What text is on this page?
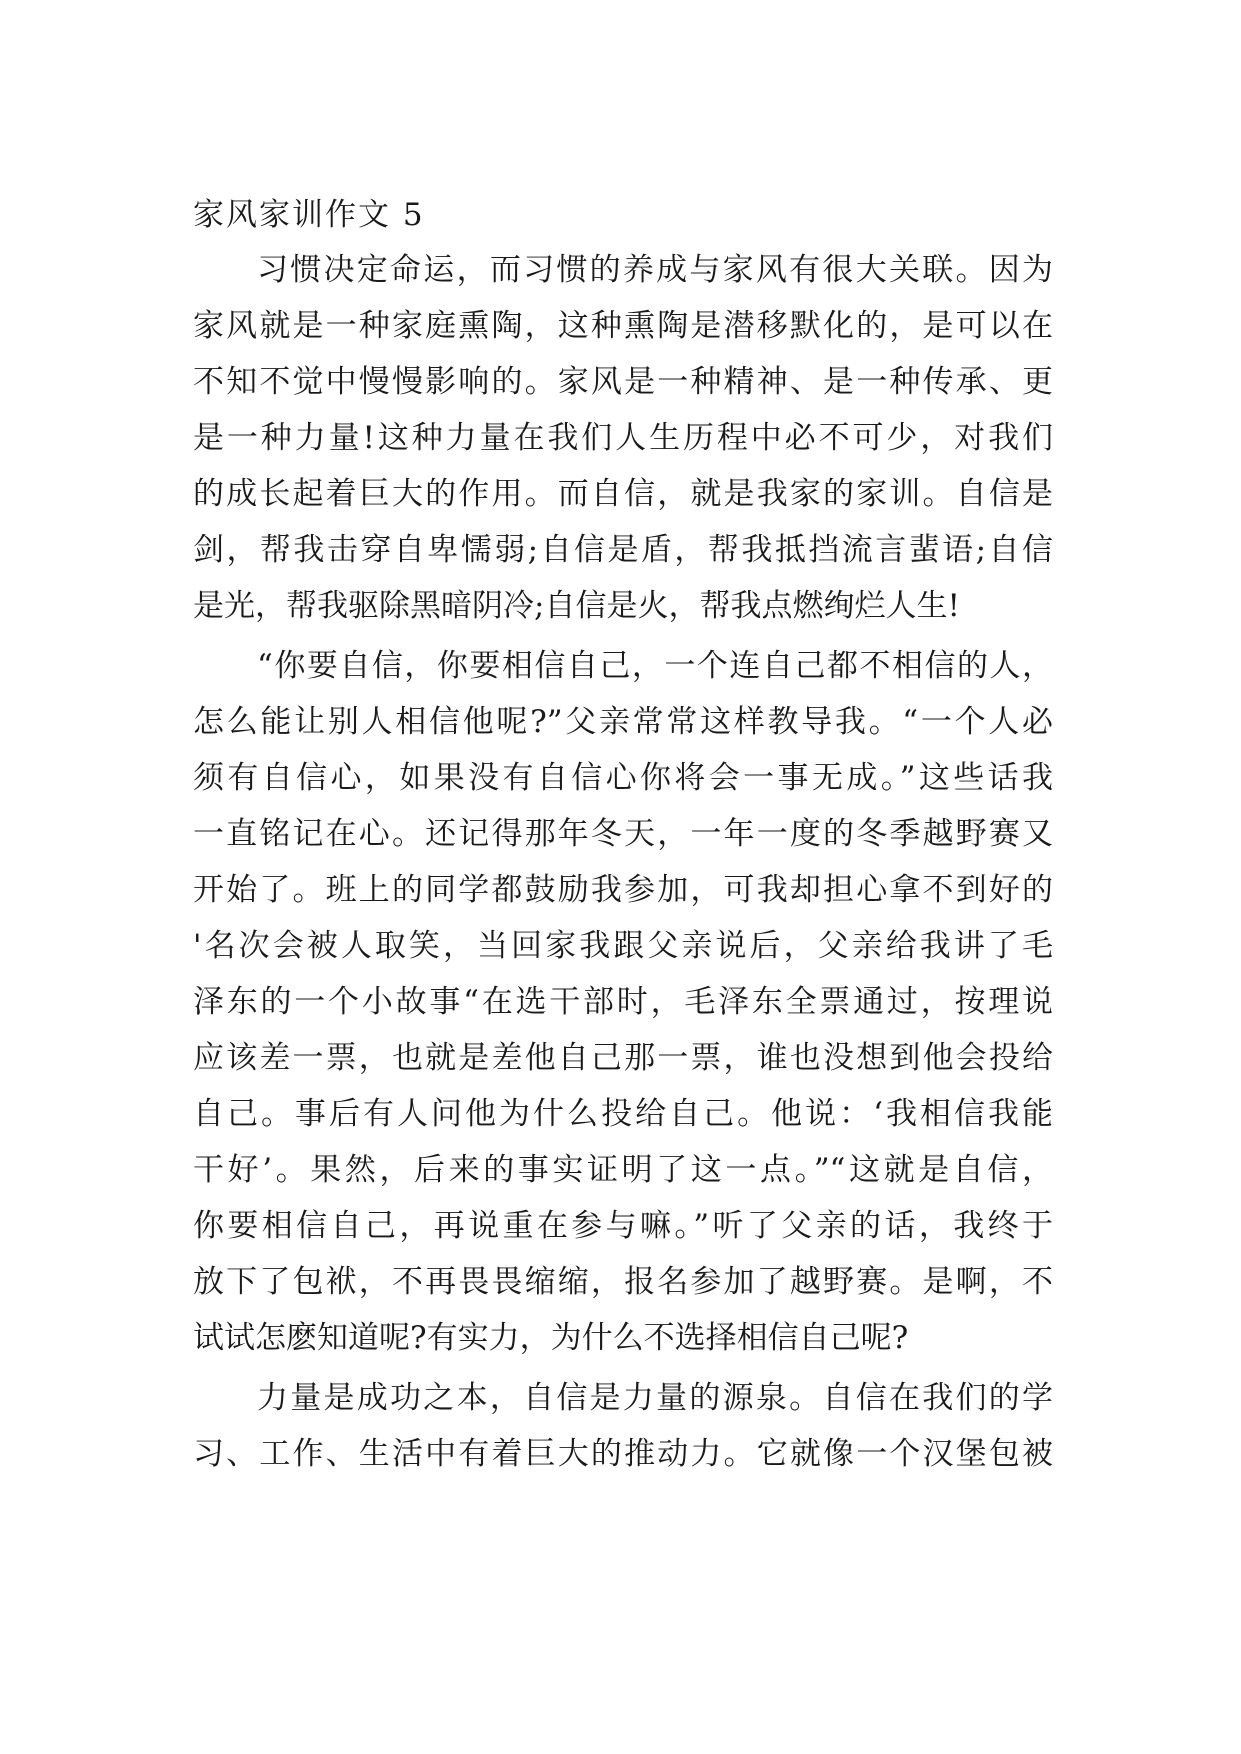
家风家训作文 5

习惯决定命运，而习惯的养成与家风有很大关联。因为

家风就是一种家庭熏陶，这种熏陶是潜移默化的，是可以在

不知不觉中慢慢影响的。家风是一种精神、是一种传承、更

是一种力量!这种力量在我们人生历程中必不可少，对我们

的成长起着巨大的作用。而自信，就是我家的家训。自信是

剑，帮我击穿自卑懦弱;自信是盾，帮我抵挡流言蜚语;自信

是光，帮我驱除黑暗阴冷;自信是火，帮我点燃绚烂人生!

“你要自信，你要相信自己，一个连自己都不相信的人，

怎么能让别人相信他呢?”父亲常常这样教导我。“一个人必

须有自信心，如果没有自信心你将会一事无成。”这些话我

一直铭记在心。还记得那年冬天，一年一度的冬季越野赛又

开始了。班上的同学都鼓励我参加，可我却担心拿不到好的

'名次会被人取笑，当回家我跟父亲说后，父亲给我讲了毛

泽东的一个小故事“在选干部时，毛泽东全票通过，按理说

应该差一票，也就是差他自己那一票，谁也没想到他会投给

自己。事后有人问他为什么投给自己。他说：‘我相信我能

干好’。果然，后来的事实证明了这一点。”“这就是自信，

你要相信自己，再说重在参与嘛。”听了父亲的话，我终于

放下了包袱，不再畏畏缩缩，报名参加了越野赛。是啊，不

试试怎麽知道呢?有实力，为什么不选择相信自己呢?

力量是成功之本，自信是力量的源泉。自信在我们的学

习、工作、生活中有着巨大的推动力。它就像一个汉堡包被
